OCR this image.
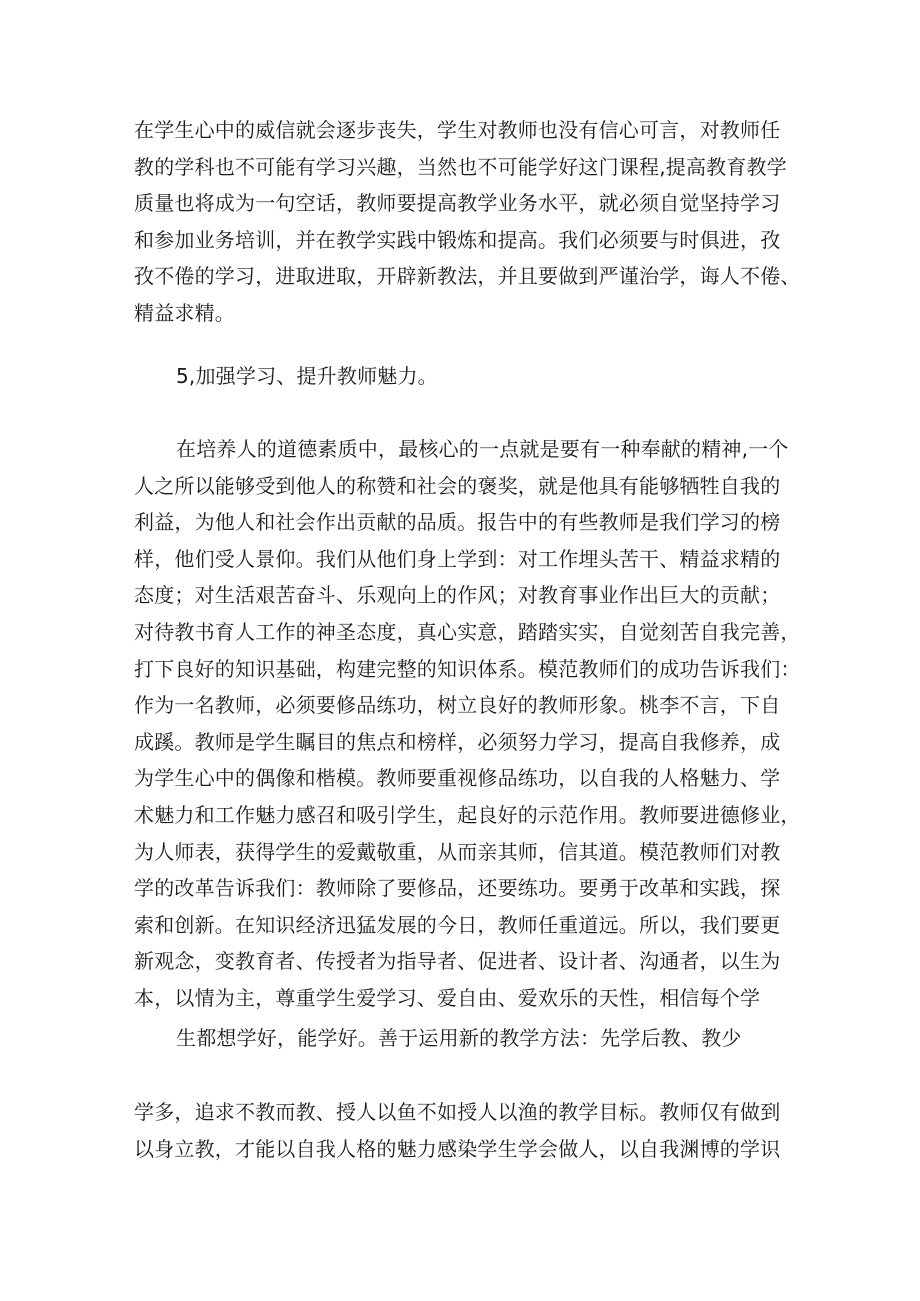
在学生心中的威信就会逐步丧失，学生对教师也没有信心可言，对教师任
教的学科也不可能有学习兴趣，当然也不可能学好这门课程,提高教育教学
质量也将成为一句空话，教师要提高教学业务水平，就必须自觉坚持学习
和参加业务培训，并在教学实践中锻炼和提高。我们必须要与时俱进，孜
孜不倦的学习，进取进取，开辟新教法，并且要做到严谨治学，诲人不倦、
精益求精。
5,加强学习、提升教师魅力。
在培养人的道德素质中，最核心的一点就是要有一种奉献的精神,一个
人之所以能够受到他人的称赞和社会的褒奖，就是他具有能够牺牲自我的
利益，为他人和社会作出贡献的品质。报告中的有些教师是我们学习的榜
样，他们受人景仰。我们从他们身上学到：对工作埋头苦干、精益求精的
态度；对生活艰苦奋斗、乐观向上的作风；对教育事业作出巨大的贡献；
对待教书育人工作的神圣态度，真心实意，踏踏实实，自觉刻苦自我完善，
打下良好的知识基础，构建完整的知识体系。模范教师们的成功告诉我们：
作为一名教师，必须要修品练功，树立良好的教师形象。桃李不言，下自
成蹊。教师是学生瞩目的焦点和榜样，必须努力学习，提高自我修养，成
为学生心中的偶像和楷模。教师要重视修品练功，以自我的人格魅力、学
术魅力和工作魅力感召和吸引学生，起良好的示范作用。教师要进德修业，
为人师表，获得学生的爱戴敬重，从而亲其师，信其道。模范教师们对教
学的改革告诉我们：教师除了要修品，还要练功。要勇于改革和实践，探
索和创新。在知识经济迅猛发展的今日，教师任重道远。所以，我们要更
新观念，变教育者、传授者为指导者、促进者、设计者、沟通者，以生为
本，以情为主，尊重学生爱学习、爱自由、爱欢乐的天性，相信每个学
生都想学好，能学好。善于运用新的教学方法：先学后教、教少
学多，追求不教而教、授人以鱼不如授人以渔的教学目标。教师仅有做到
以身立教，才能以自我人格的魅力感染学生学会做人，以自我渊博的学识
